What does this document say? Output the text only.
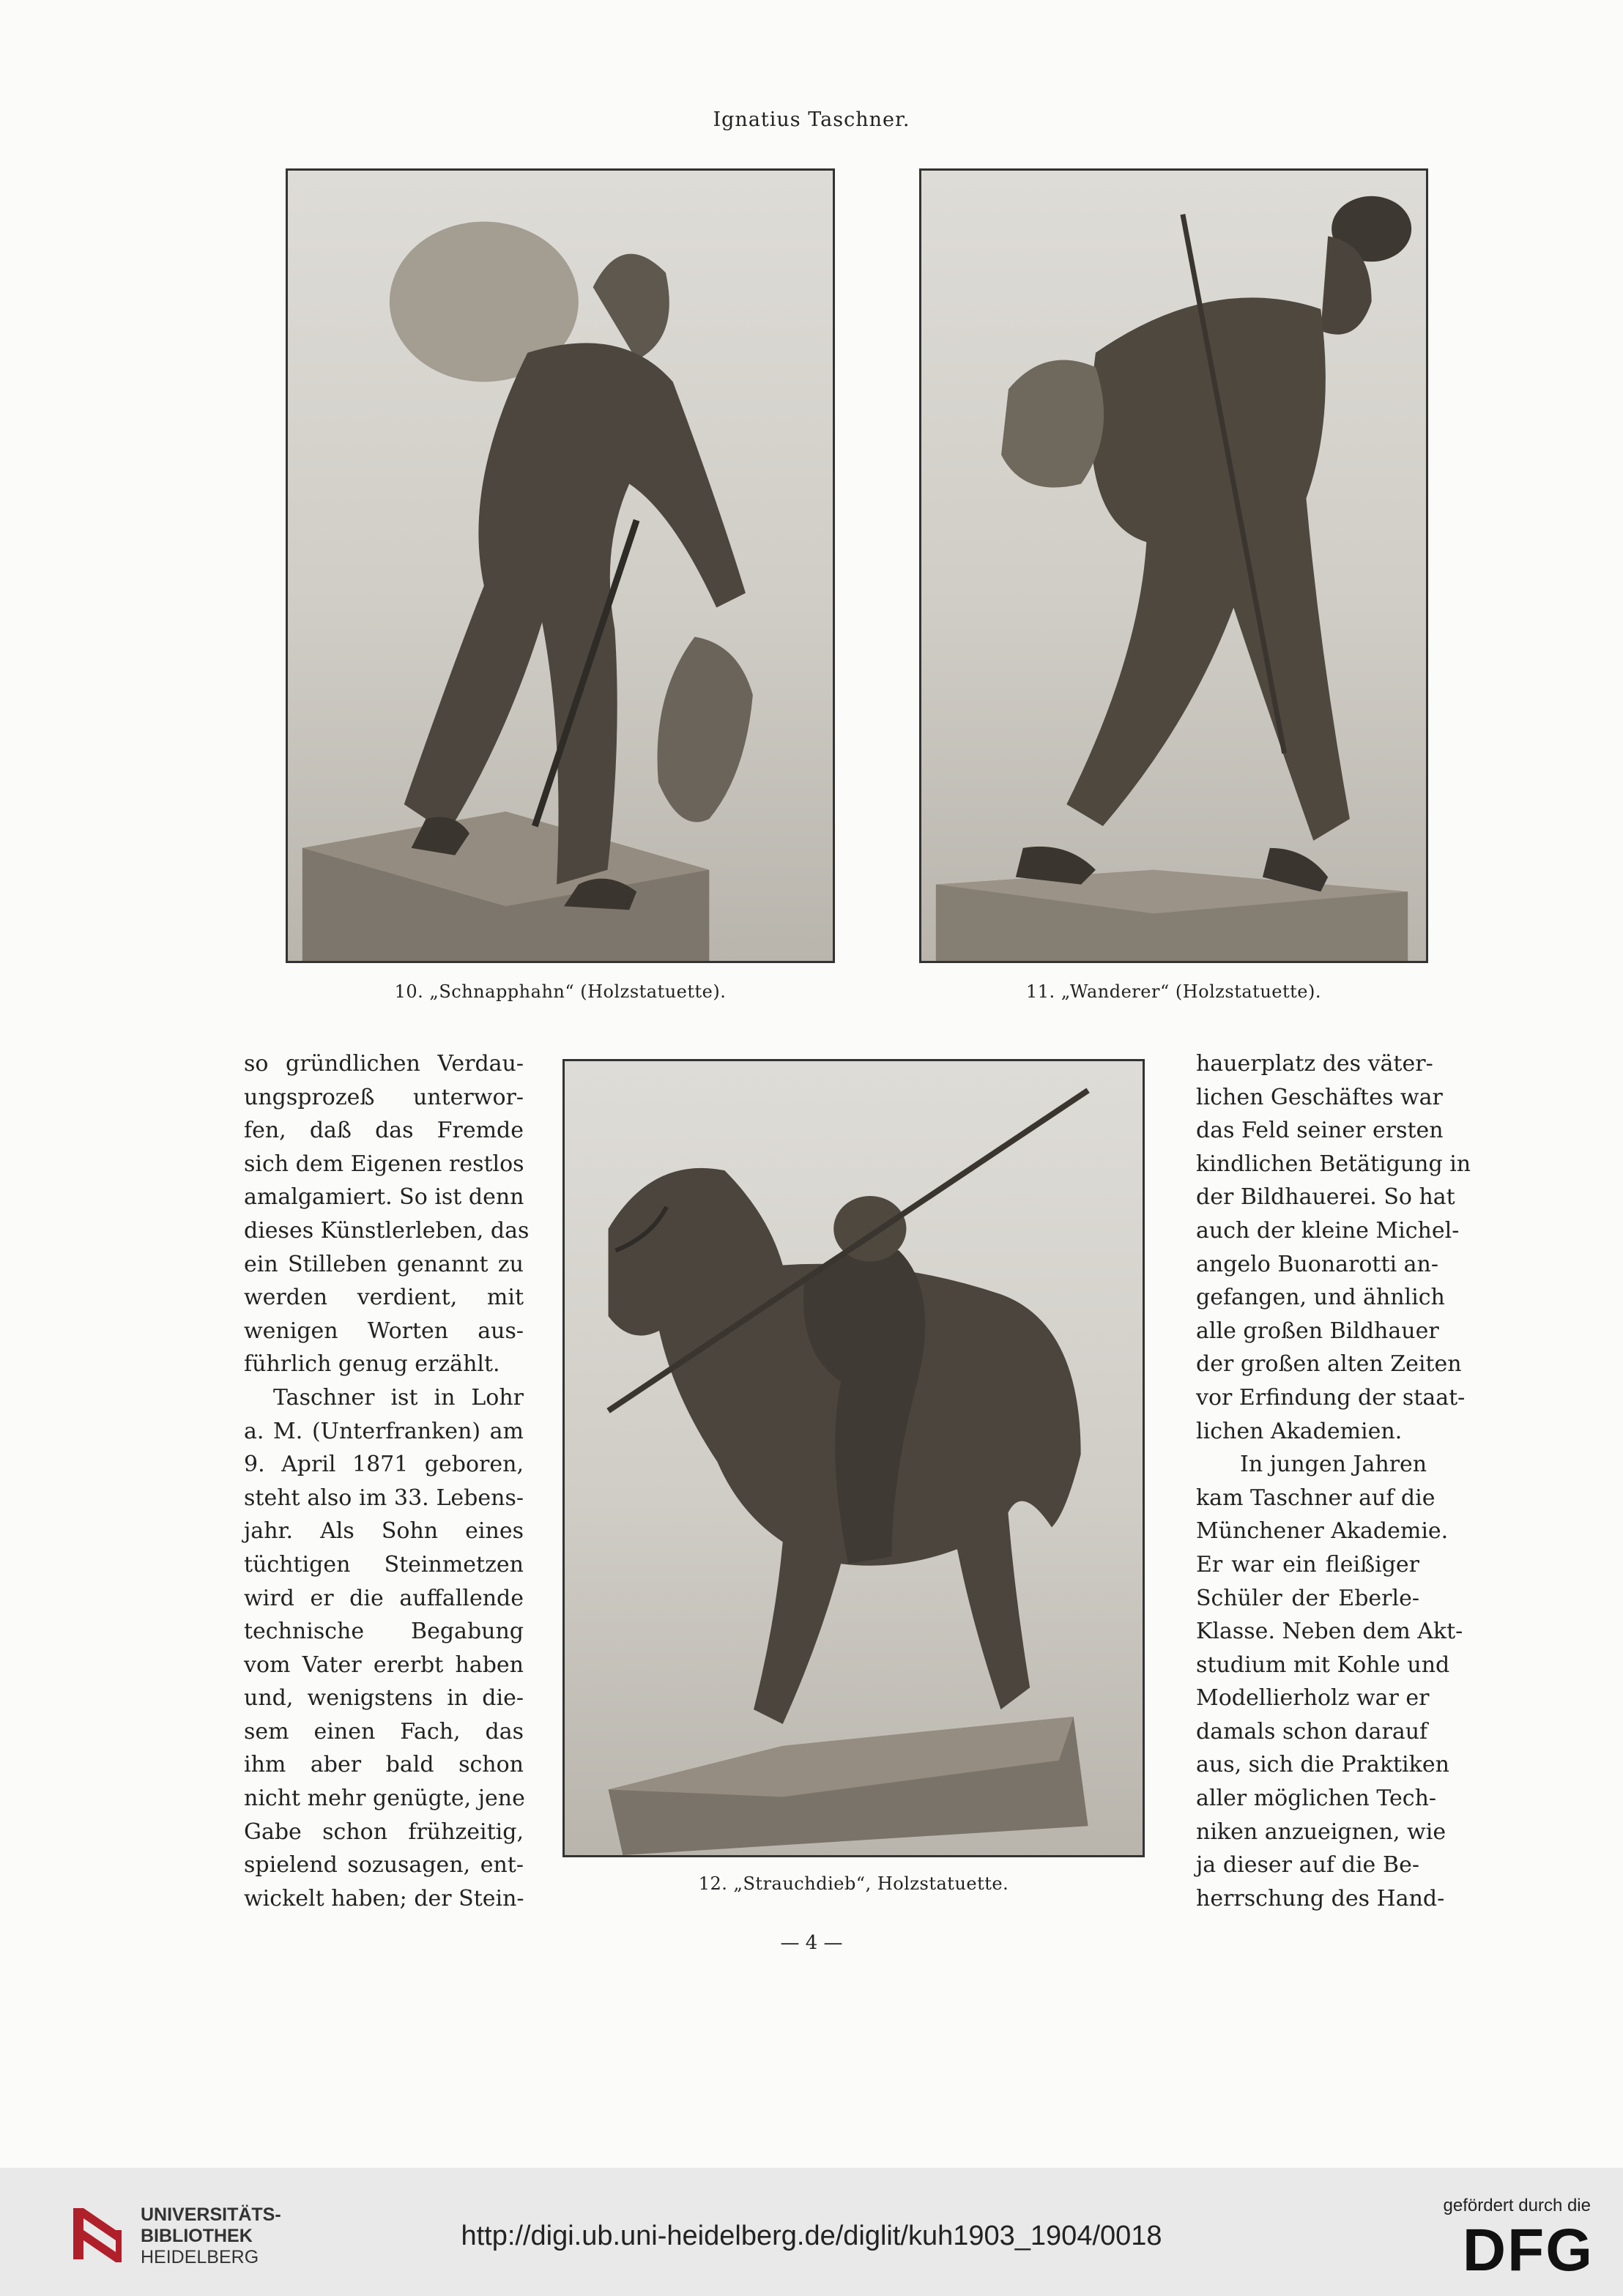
Ignatius Taschner.
10. „Schnapphahn“ (Holzstatuette).	11. „Wanderer“ (Holzstatuette).
12. „Strauchdieb“, Holzstatuette.
so gründlichen Verdau-
ungsprozeß unterwor-
fen, daß das Fremde
sich dem Eigenen restlos
amalgamiert. So ist denn
dieses Künstlerleben, das
ein Stilleben genannt zu
werden verdient, mit
wenigen Worten aus-
führlich genug erzählt.
Taschner ist in Lohr
a. M. (Unterfranken) am
9. April 1871 geboren,
steht also im 33. Lebens-
jahr. Als Sohn eines
tüchtigen Steinmetzen
wird er die auffallende
technische Begabung
vom Vater ererbt haben
und, wenigstens in die-
sem einen Fach, das
ihm aber bald schon
nicht mehr genügte, jene
Gabe schon frühzeitig,
spielend sozusagen, ent-
wickelt haben; der Stein-
hauerplatz des väter-
lichen Geschäftes war
das Feld seiner ersten
kindlichen Betätigung in
der Bildhauerei. So hat
auch der kleine Michel-
angelo Buonarotti an-
gefangen, und ähnlich
alle großen Bildhauer
der großen alten Zeiten
vor Erfindung der staat-
lichen Akademien.
In jungen Jahren
kam Taschner auf die
Münchener Akademie.
Er war ein fleißiger
Schüler der Eberle-
Klasse. Neben dem Akt-
studium mit Kohle und
Modellierholz war er
damals schon darauf
aus, sich die Praktiken
aller möglichen Tech-
niken anzueignen, wie
ja dieser auf die Be-
herrschung des Hand-
— 4 —
UNIVERSITÄTS-
BIBLIOTHEK
HEIDELBERG
http://digi.ub.uni-heidelberg.de/diglit/kuh1903_1904/0018
gefördert durch die
DFG
